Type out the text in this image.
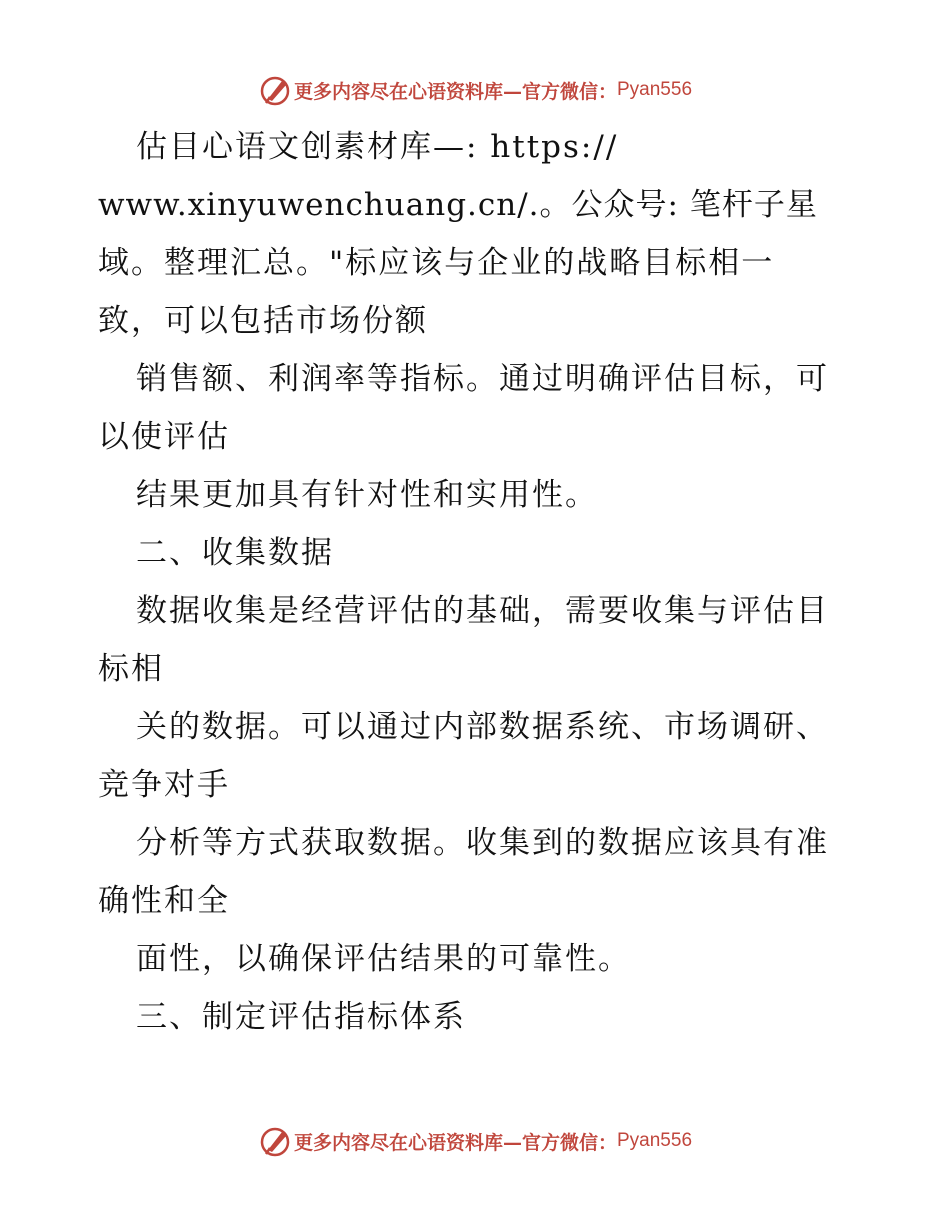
更多内容尽在心语资料库—官方微信： Pyan556
估目心语文创素材库—: https://
www.xinyuwenchuang.cn/.。公众号: 笔杆子星
域。整理汇总。"标应该与企业的战略目标相一
致，可以包括市场份额
销售额、利润率等指标。通过明确评估目标，可
以使评估
结果更加具有针对性和实用性。
二、收集数据
数据收集是经营评估的基础，需要收集与评估目
标相
关的数据。可以通过内部数据系统、市场调研、
竞争对手
分析等方式获取数据。收集到的数据应该具有准
确性和全
面性，以确保评估结果的可靠性。
三、制定评估指标体系
更多内容尽在心语资料库—官方微信： Pyan556
